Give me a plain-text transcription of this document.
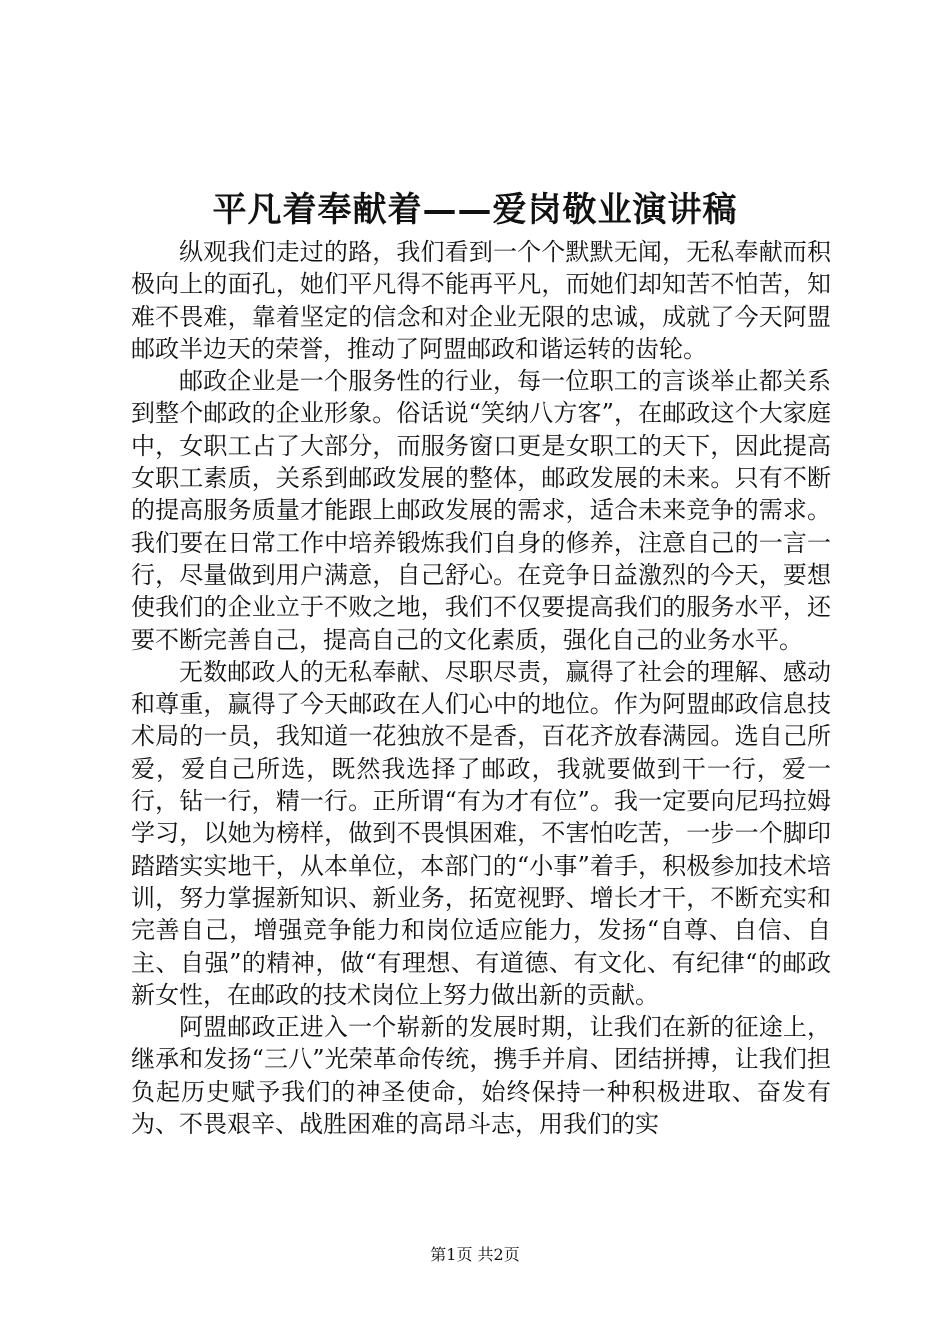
平凡着奉献着——爱岗敬业演讲稿

纵观我们走过的路，我们看到一个个默默无闻，无私奉献而积极向上的面孔，她们平凡得不能再平凡，而她们却知苦不怕苦，知难不畏难，靠着坚定的信念和对企业无限的忠诚，成就了今天阿盟邮政半边天的荣誉，推动了阿盟邮政和谐运转的齿轮。

邮政企业是一个服务性的行业，每一位职工的言谈举止都关系到整个邮政的企业形象。俗话说“笑纳八方客”，在邮政这个大家庭中，女职工占了大部分，而服务窗口更是女职工的天下，因此提高女职工素质，关系到邮政发展的整体，邮政发展的未来。只有不断的提高服务质量才能跟上邮政发展的需求，适合未来竞争的需求。我们要在日常工作中培养锻炼我们自身的修养，注意自己的一言一行，尽量做到用户满意，自己舒心。在竞争日益激烈的今天，要想使我们的企业立于不败之地，我们不仅要提高我们的服务水平，还要不断完善自己，提高自己的文化素质，强化自己的业务水平。

无数邮政人的无私奉献、尽职尽责，赢得了社会的理解、感动和尊重，赢得了今天邮政在人们心中的地位。作为阿盟邮政信息技术局的一员，我知道一花独放不是香，百花齐放春满园。选自己所爱，爱自己所选，既然我选择了邮政，我就要做到干一行，爱一行，钻一行，精一行。正所谓“有为才有位”。我一定要向尼玛拉姆学习，以她为榜样，做到不畏惧困难，不害怕吃苦，一步一个脚印踏踏实实地干，从本单位，本部门的“小事”着手，积极参加技术培训，努力掌握新知识、新业务，拓宽视野、增长才干，不断充实和完善自己，增强竞争能力和岗位适应能力，发扬“自尊、自信、自主、自强”的精神，做“有理想、有道德、有文化、有纪律“的邮政新女性，在邮政的技术岗位上努力做出新的贡献。

阿盟邮政正进入一个崭新的发展时期，让我们在新的征途上，继承和发扬“三八”光荣革命传统，携手并肩、团结拼搏，让我们担负起历史赋予我们的神圣使命，始终保持一种积极进取、奋发有为、不畏艰辛、战胜困难的高昂斗志，用我们的实

第1页 共2页
